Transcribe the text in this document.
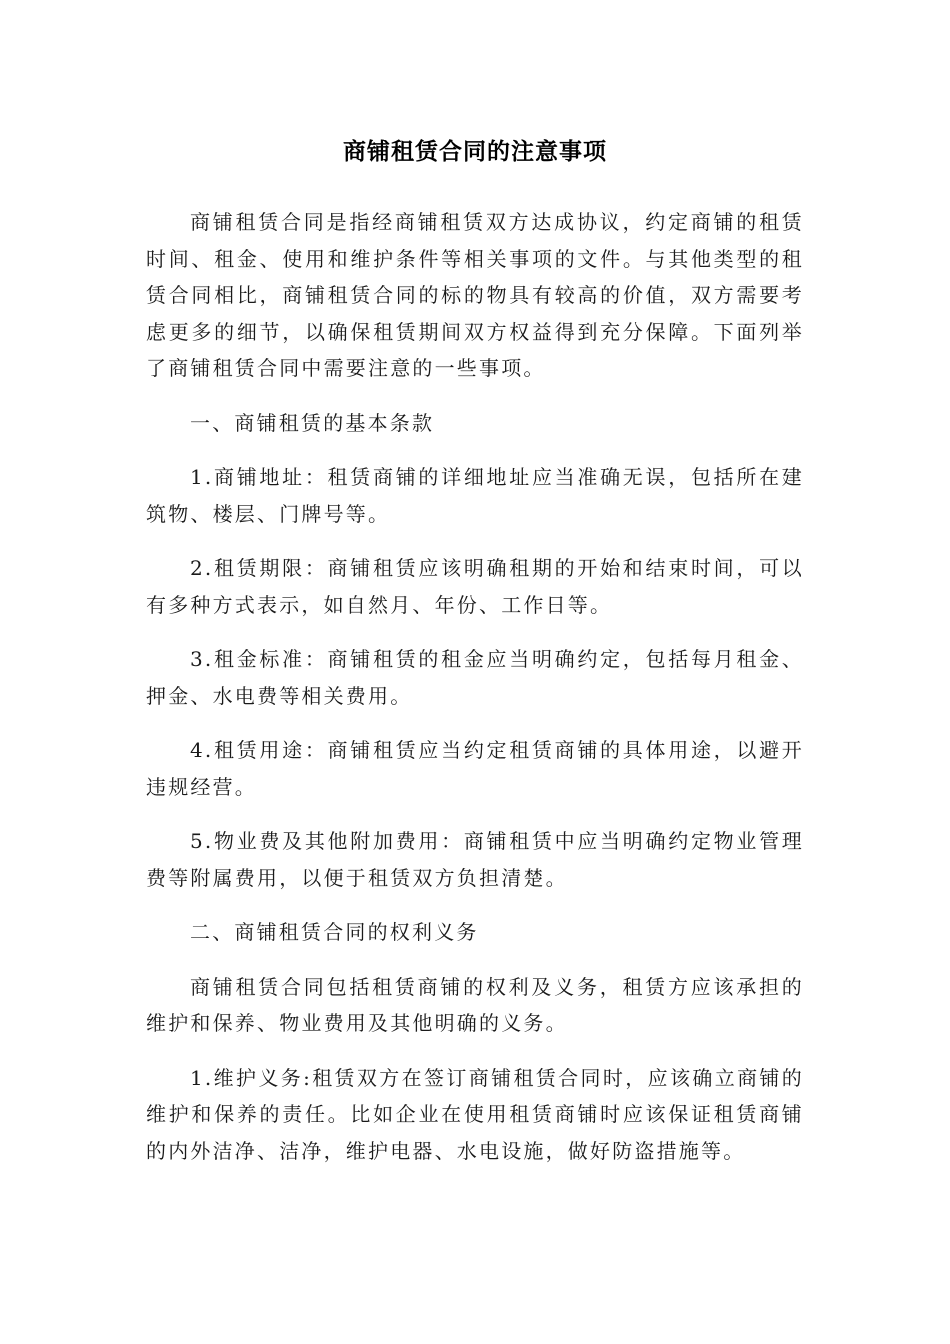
商铺租赁合同的注意事项

商铺租赁合同是指经商铺租赁双方达成协议，约定商铺的租赁时间、租金、使用和维护条件等相关事项的文件。与其他类型的租赁合同相比，商铺租赁合同的标的物具有较高的价值，双方需要考虑更多的细节，以确保租赁期间双方权益得到充分保障。下面列举了商铺租赁合同中需要注意的一些事项。

一、商铺租赁的基本条款

1.商铺地址：租赁商铺的详细地址应当准确无误，包括所在建筑物、楼层、门牌号等。

2.租赁期限：商铺租赁应该明确租期的开始和结束时间，可以有多种方式表示，如自然月、年份、工作日等。

3.租金标准：商铺租赁的租金应当明确约定，包括每月租金、押金、水电费等相关费用。

4.租赁用途：商铺租赁应当约定租赁商铺的具体用途，以避开违规经营。

5.物业费及其他附加费用：商铺租赁中应当明确约定物业管理费等附属费用，以便于租赁双方负担清楚。

二、商铺租赁合同的权利义务

商铺租赁合同包括租赁商铺的权利及义务，租赁方应该承担的维护和保养、物业费用及其他明确的义务。

1.维护义务:租赁双方在签订商铺租赁合同时，应该确立商铺的维护和保养的责任。比如企业在使用租赁商铺时应该保证租赁商铺的内外洁净、洁净，维护电器、水电设施，做好防盗措施等。
